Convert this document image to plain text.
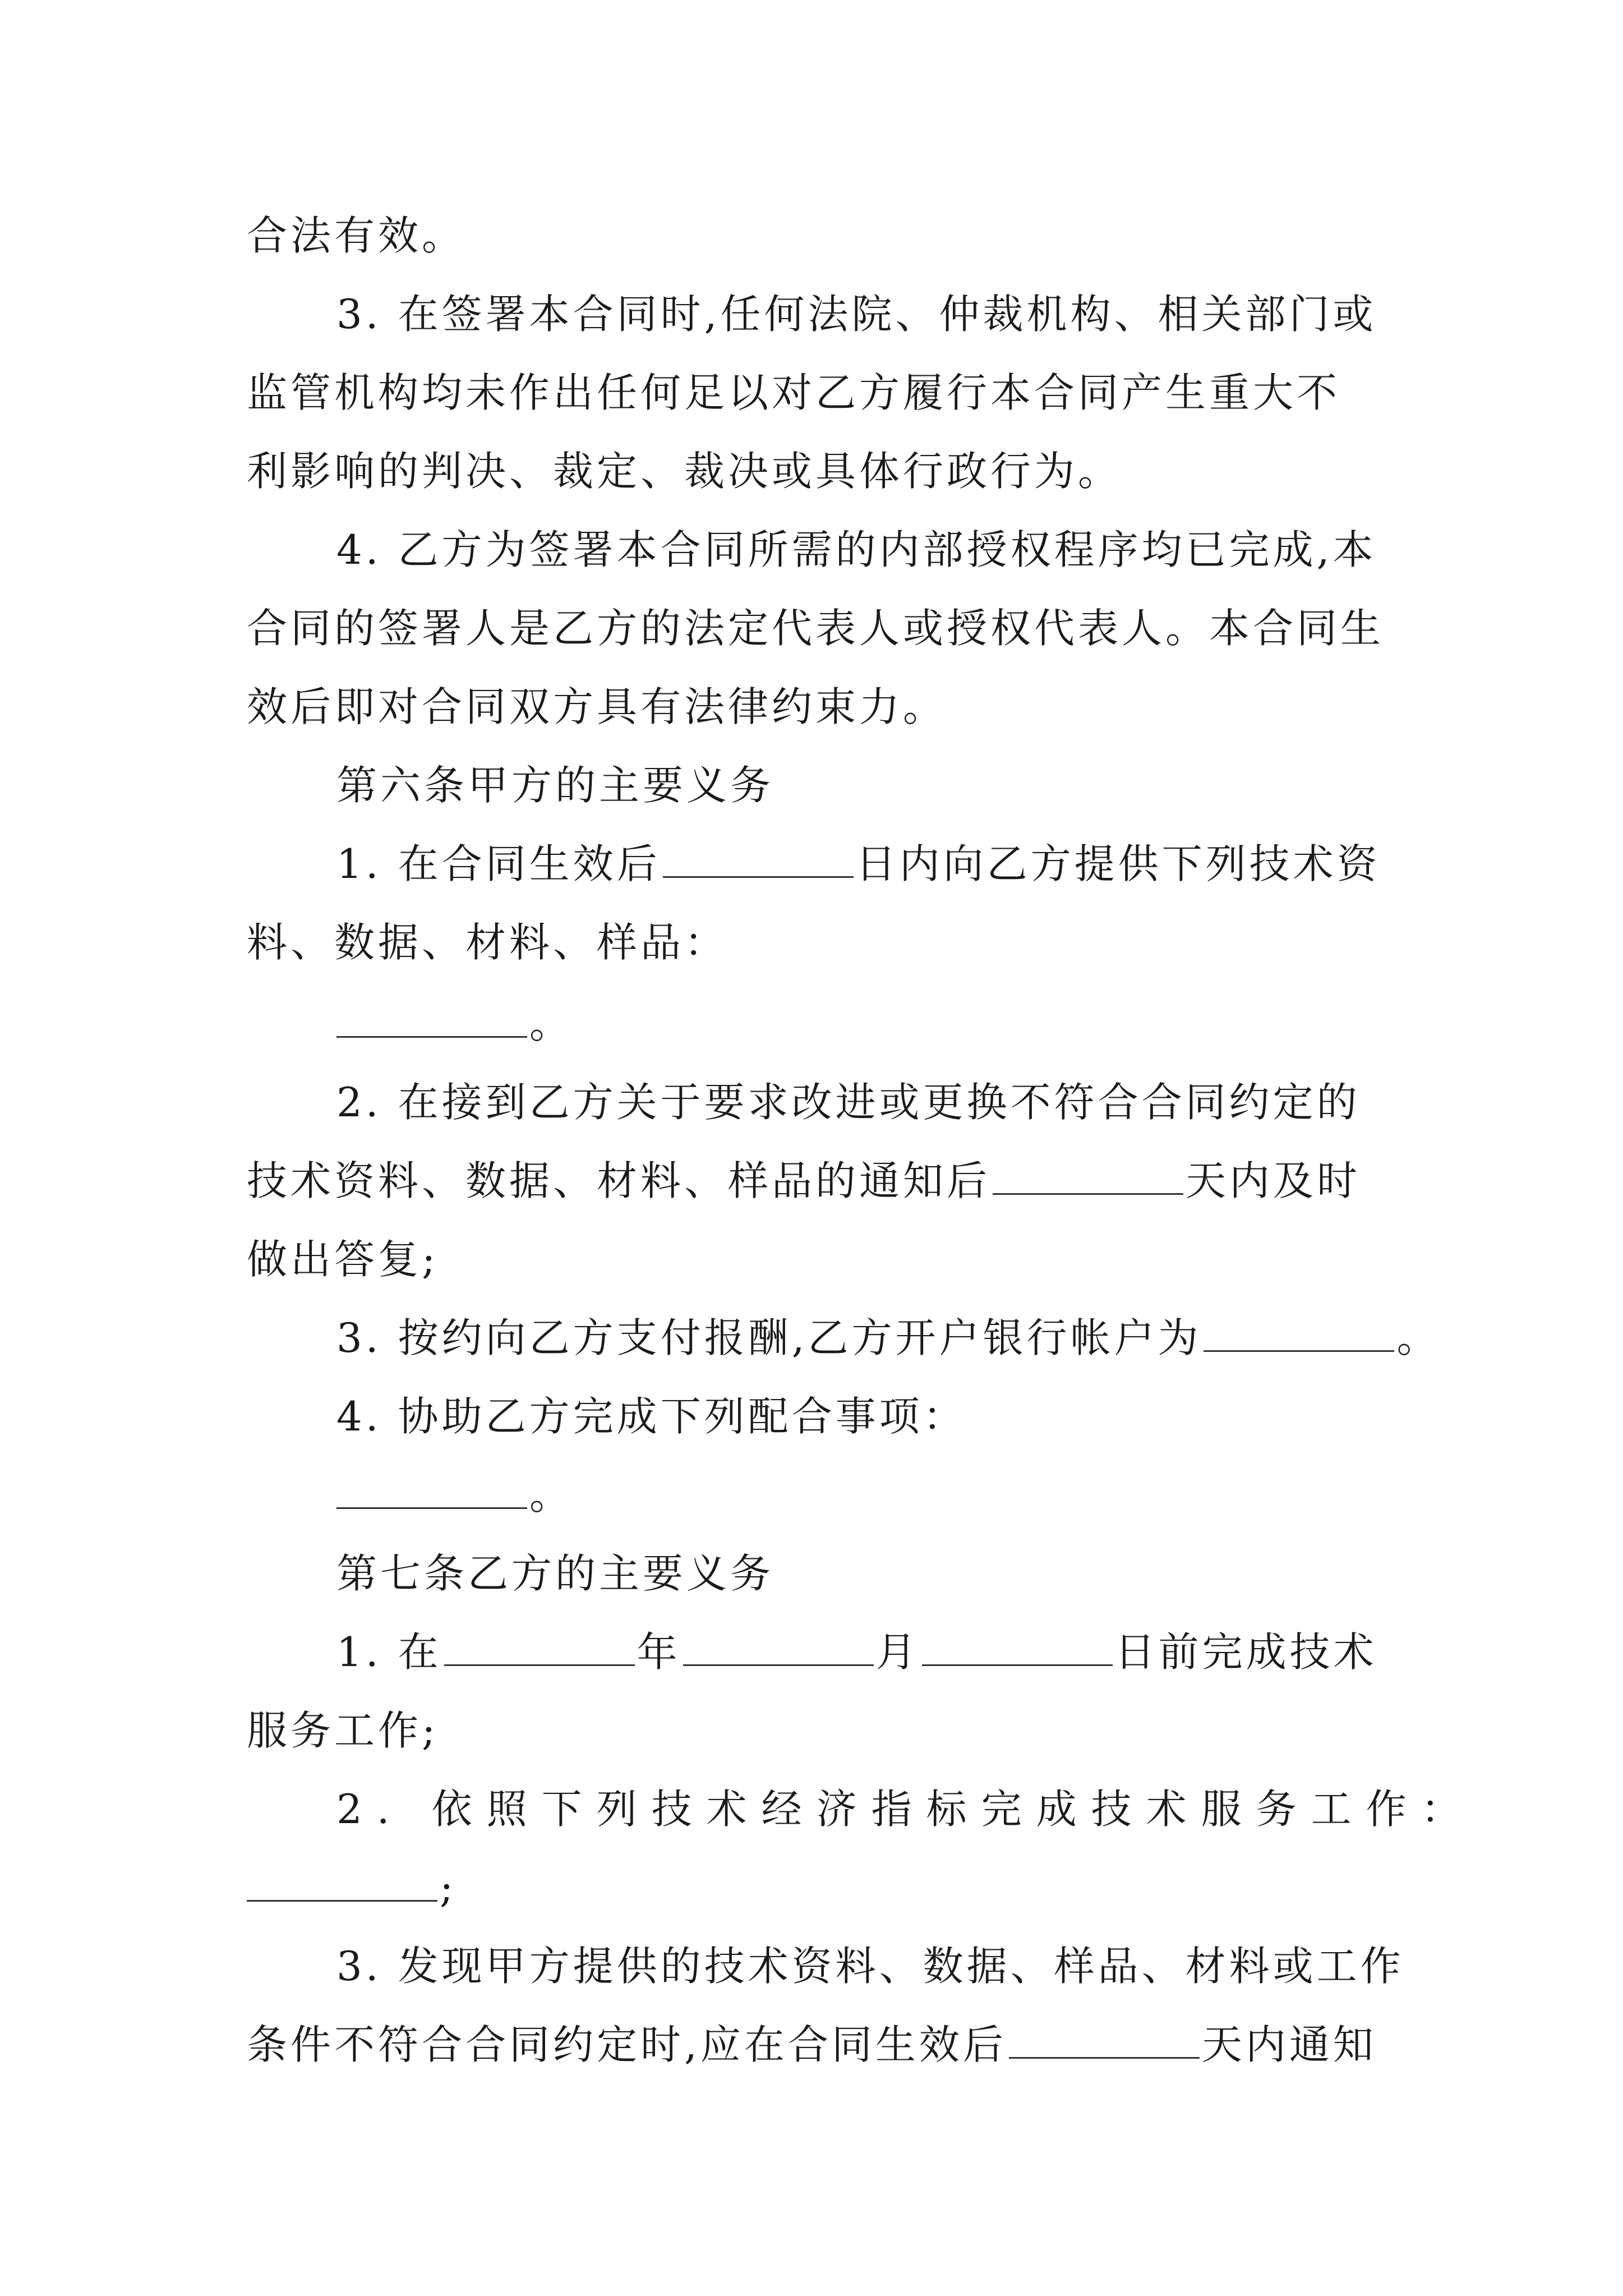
合法有效。
3. 在签署本合同时,任何法院、仲裁机构、相关部门或
监管机构均未作出任何足以对乙方履行本合同产生重大不
利影响的判决、裁定、裁决或具体行政行为。
4. 乙方为签署本合同所需的内部授权程序均已完成,本
合同的签署人是乙方的法定代表人或授权代表人。本合同生
效后即对合同双方具有法律约束力。
第六条甲方的主要义务
1. 在合同生效后	日内向乙方提供下列技术资
料、数据、材料、样品：
。
2. 在接到乙方关于要求改进或更换不符合合同约定的
技术资料、数据、材料、样品的通知后	天内及时
做出答复;
3. 按约向乙方支付报酬,乙方开户银行帐户为	。
4. 协助乙方完成下列配合事项：
。
第七条乙方的主要义务
1. 在	年	月	日前完成技术
服务工作;
2. 依照下列技术经济指标完成技术服务工作：
;
3. 发现甲方提供的技术资料、数据、样品、材料或工作
条件不符合合同约定时,应在合同生效后	天内通知
